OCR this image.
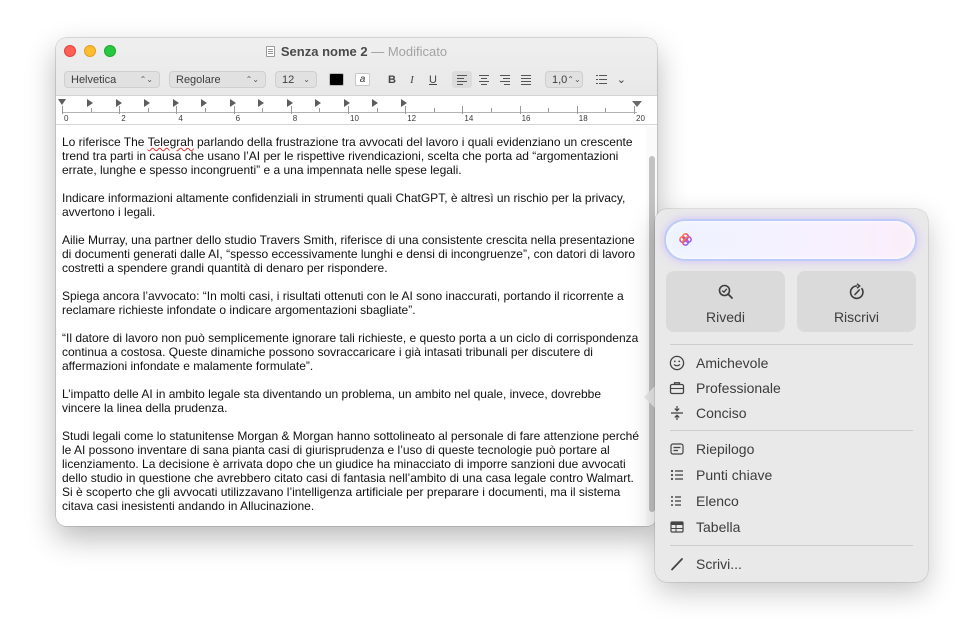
Senza nome 2 — Modificato
Helvetica	⌃⌄ Regolare	⌃⌄ 12 ⌄	a	B	I	U	1,0 ⌃⌄	⌄
0	2	4	6	8	10	12	14	16	18	20

Lo riferisce The Telegrah parlando della frustrazione tra avvocati del lavoro i quali evidenziano un crescente trend tra parti in causa che usano l’AI per le rispettive rivendicazioni, scelta che porta ad “argomentazioni errate, lunghe e spesso incongruenti” e a una impennata nelle spese legali.

Indicare informazioni altamente confidenziali in strumenti quali ChatGPT, è altresì un rischio per la privacy, avvertono i legali.

Ailie Murray, una partner dello studio Travers Smith, riferisce di una consistente crescita nella presentazione di documenti generati dalle AI, “spesso eccessivamente lunghi e densi di incongruenze”, con datori di lavoro costretti a spendere grandi quantità di denaro per rispondere.

Spiega ancora l’avvocato: “In molti casi, i risultati ottenuti con le AI sono inaccurati, portando il ricorrente a reclamare richieste infondate o indicare argomentazioni sbagliate”.

“Il datore di lavoro non può semplicemente ignorare tali richieste, e questo porta a un ciclo di corrispondenza continua a costosa. Queste dinamiche possono sovraccaricare i già intasati tribunali per discutere di affermazioni infondate e malamente formulate”.

L’impatto delle AI in ambito legale sta diventando un problema, un ambito nel quale, invece, dovrebbe vincere la linea della prudenza.

Studi legali come lo statunitense Morgan & Morgan hanno sottolineato al personale di fare attenzione perché le AI possono inventare di sana pianta casi di giurisprudenza e l’uso di queste tecnologie può portare al licenziamento. La decisione è arrivata dopo che un giudice ha minacciato di imporre sanzioni due avvocati dello studio in questione che avrebbero citato casi di fantasia nell’ambito di una casa legale contro Walmart. Si è scoperto che gli avvocati utilizzavano l’intelligenza artificiale per preparare i documenti, ma il sistema citava casi inesistenti andando in Allucinazione.

Rivedi	Riscrivi
Amichevole
Professionale
Conciso
Riepilogo
Punti chiave
Elenco
Tabella
Scrivi...
